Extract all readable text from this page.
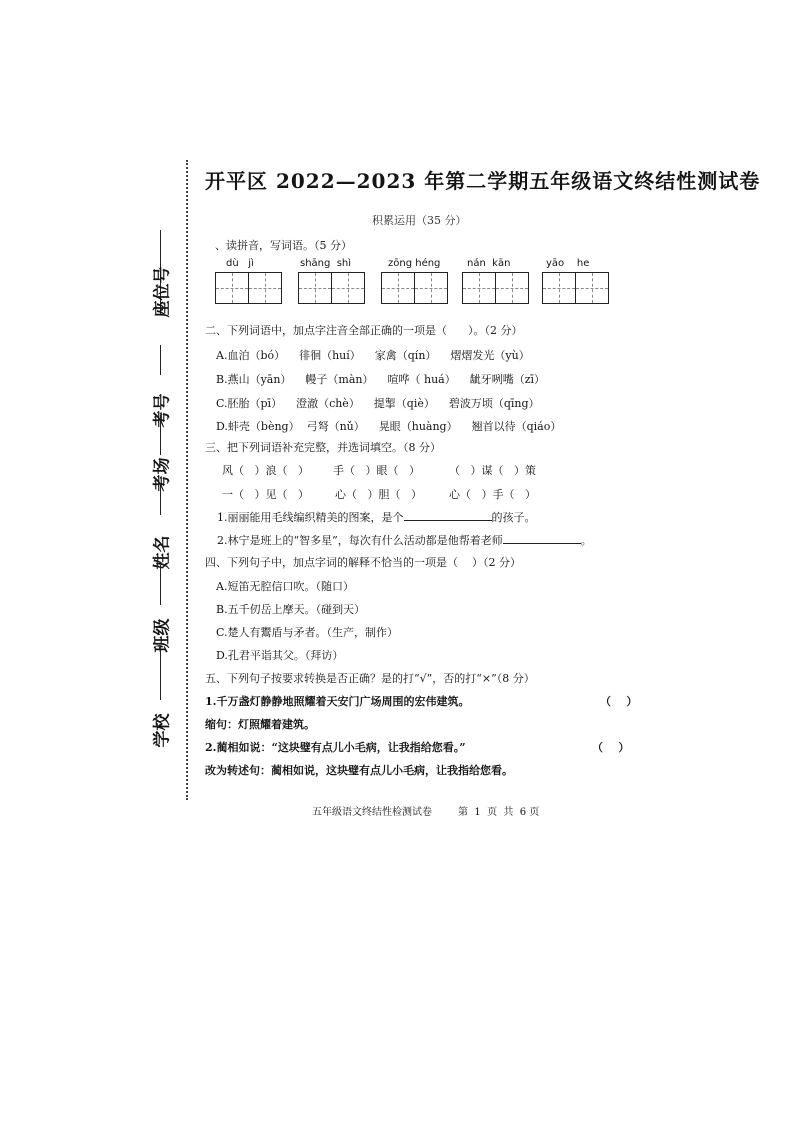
座位号
考号
考场
姓名
班级
学校
开平区 2022—2023 年第二学期五年级语文终结性测试卷
积累运用（35 分）
、读拼音，写词语。（5 分）
dù   jì	shāng  shì	zōng héng	nán  kān	yāo    he
二、下列词语中，加点字注音全部正确的一项是（      ）。（2 分）
A.血泊（bó）    徘徊（huí）    家禽（qín）    熠熠发光（yù）
B.燕山（yān）    幔子（màn）    喧哗（ huá）    龇牙咧嘴（zī）
C.胚胎（pī）    澄澈（chè）    提掣（qiè）    碧波万顷（qīng）
D.蚌壳（bèng）  弓弩（nǔ）    晃眼（huàng）    翘首以待（qiáo）
三、把下列词语补充完整，并选词填空。（8 分）
风（   ）浪（   ） 手（   ）眼（   ）	（   ）谋（   ）策
一（   ）见（   ） 心（   ）胆（   ） 心（   ）手（   ）
1.丽丽能用毛线编织精美的图案，是个	的孩子。
2.林宁是班上的“智多星”，每次有什么活动都是他帮着老师	。
四、下列句子中，加点字词的解释不恰当的一项是（    ）（2 分）
A.短笛无腔信口吹。（随口）
B.五千仞岳上摩天。（碰到天）
C.楚人有鬻盾与矛者。（生产，制作）
D.孔君平诣其父。（拜访）
五、下列句子按要求转换是否正确？是的打“√”，否的打“×”（8 分）
1.千万盏灯静静地照耀着天安门广场周围的宏伟建筑。	（    ）
缩句：灯照耀着建筑。
2.蔺相如说：“这块璧有点儿小毛病，让我指给您看。”	（    ）
改为转述句：蔺相如说，这块璧有点儿小毛病，让我指给您看。
五年级语文终结性检测试卷	第  1  页  共  6 页
